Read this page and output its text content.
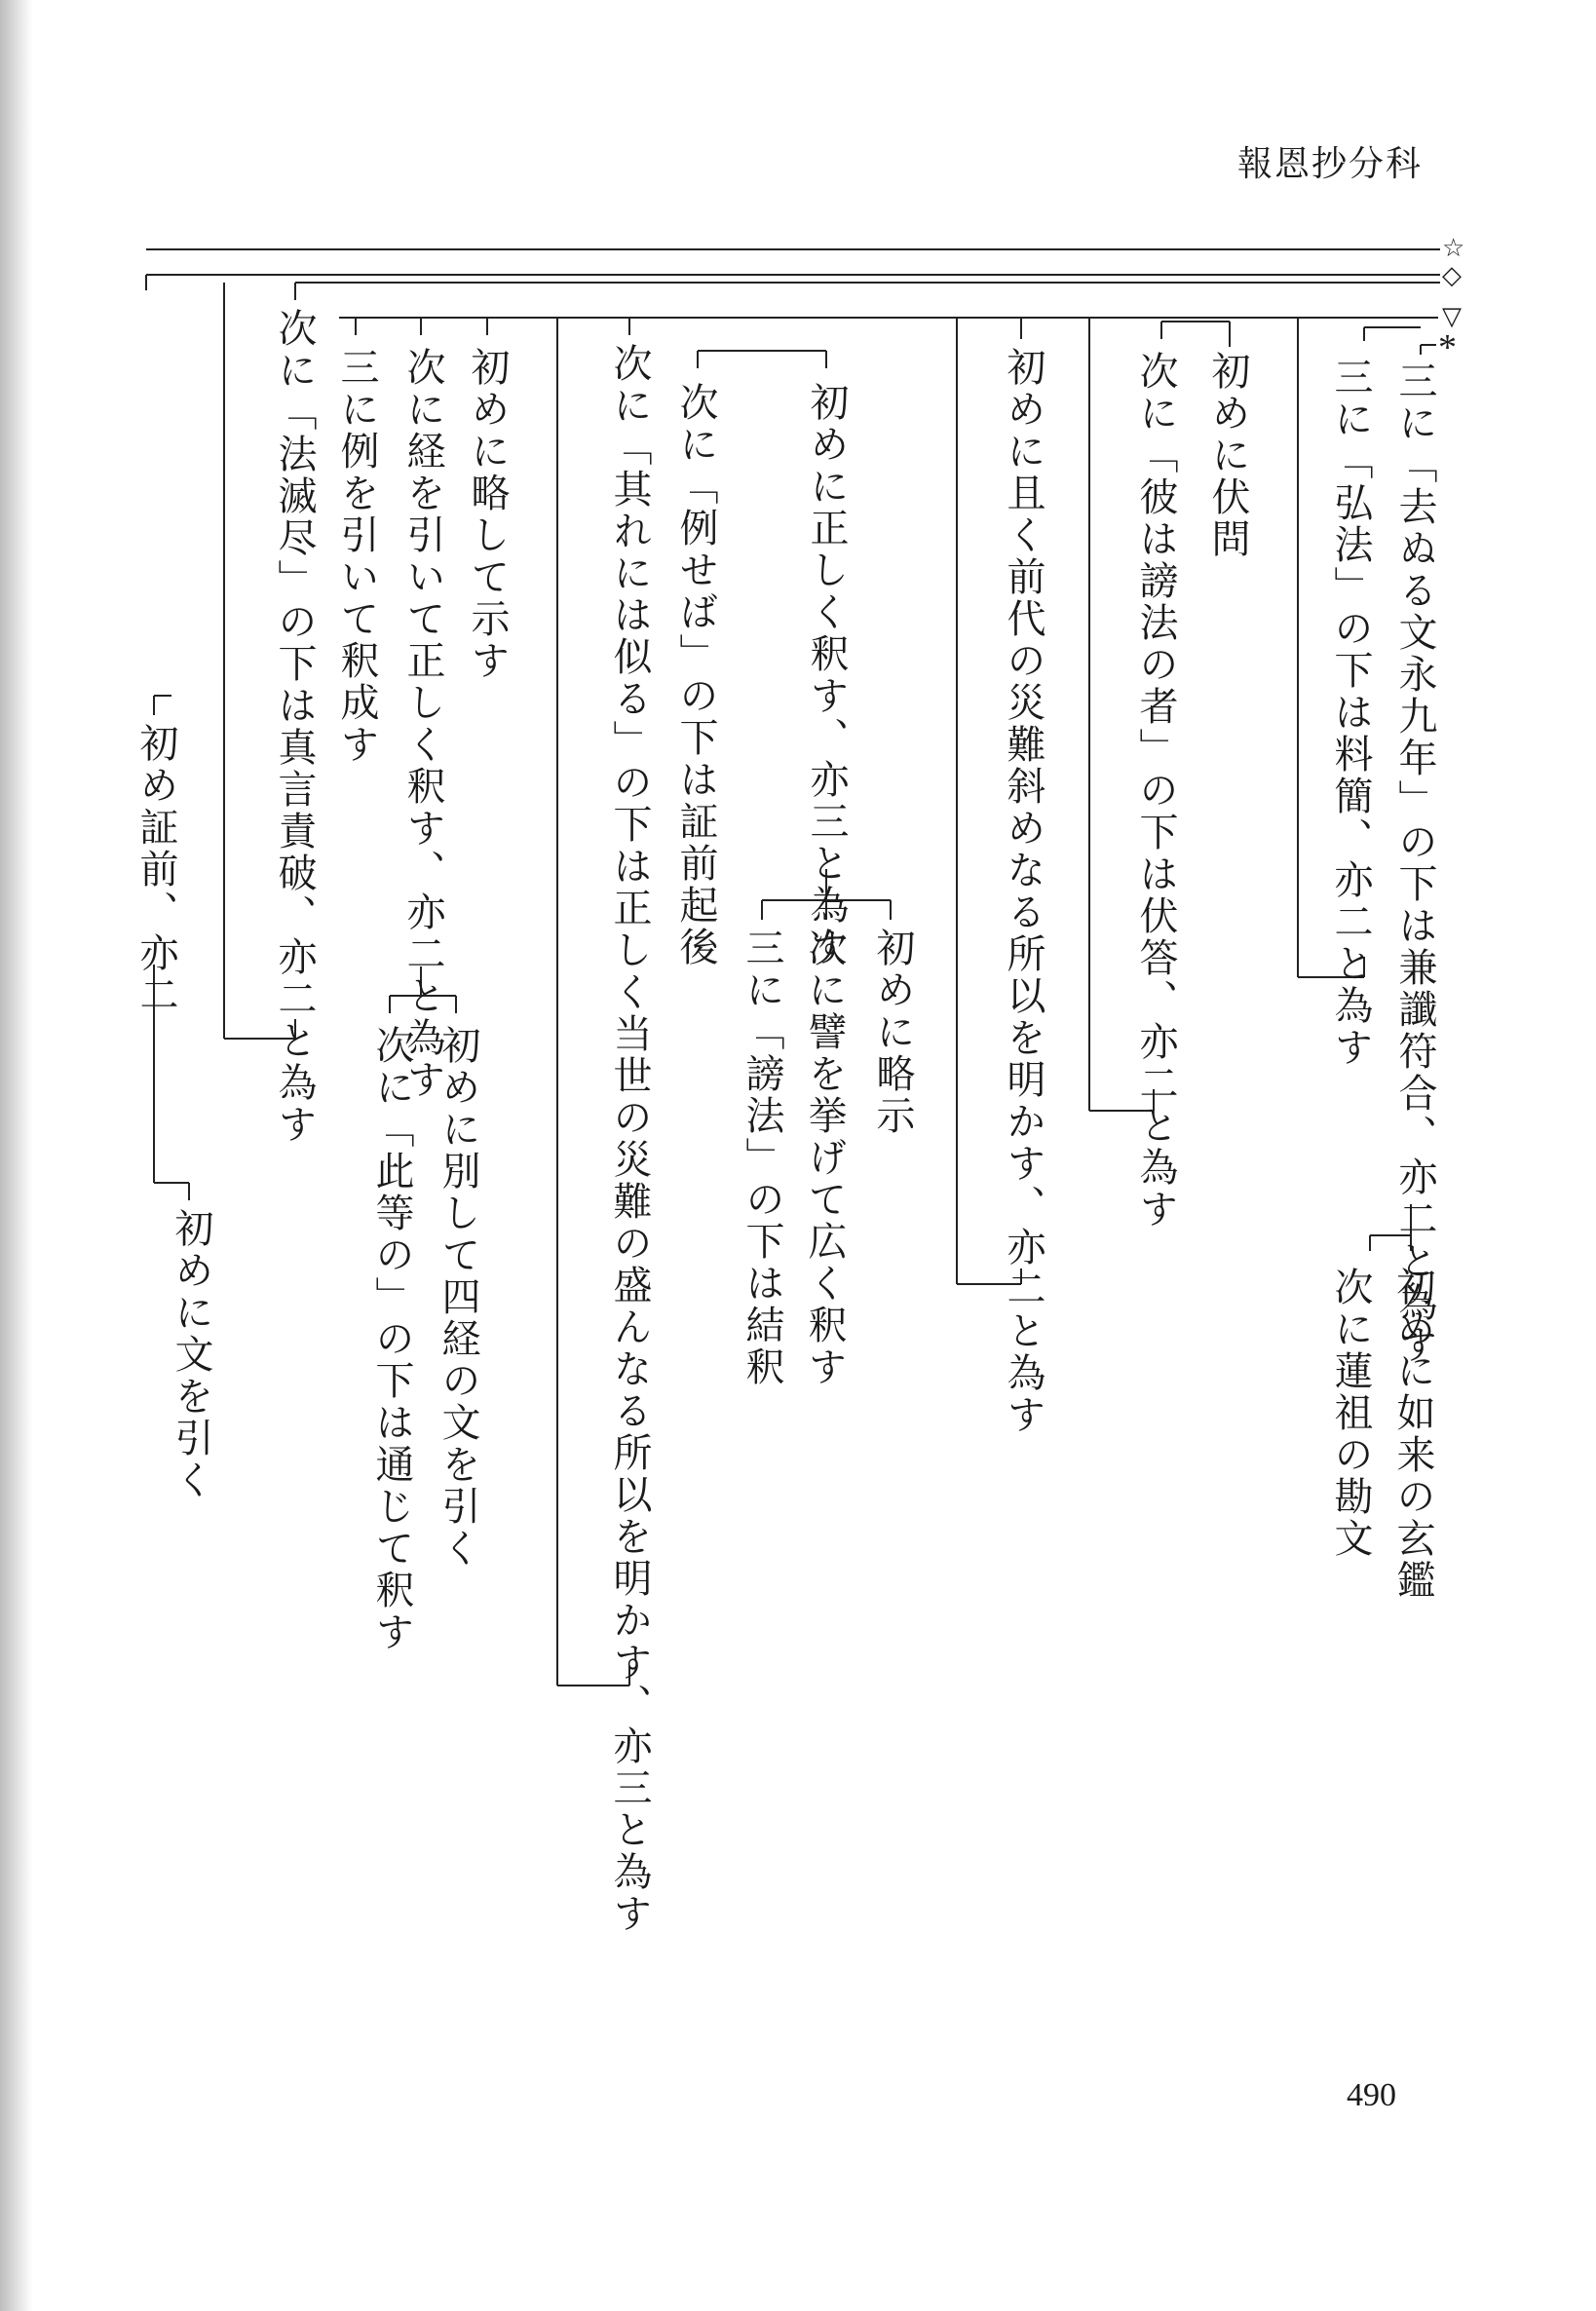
報恩抄分科
☆
◇
▽
*
三に「去ぬる文永九年」の下は兼讖符合、亦二と為す
初めに如来の玄鑑
次に蓮祖の勘文
三に「弘法」の下は料簡、亦二と為す
初めに伏問
次に「彼は謗法の者」の下は伏答、亦二と為す
初めに且く前代の災難斜めなる所以を明かす、亦二と為す
初めに正しく釈す、亦三と為す
初めに略示
次に譬を挙げて広く釈す
三に「謗法」の下は結釈
次に「例せば」の下は証前起後
次に「其れには似る」の下は正しく当世の災難の盛んなる所以を明かす、亦三と為す
初めに略して示す
次に経を引いて正しく釈す、亦二と為す
初めに別して四経の文を引く
次に「此等の」の下は通じて釈す
三に例を引いて釈成す
次に「法滅尽」の下は真言責破、亦二と為す
初め証前、亦二
初めに文を引く
490
